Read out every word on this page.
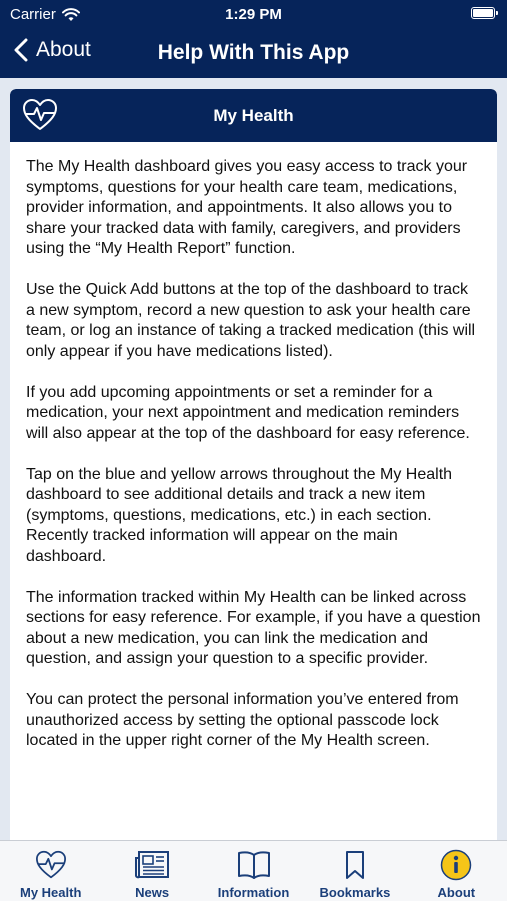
Carrier	1:29 PM
About	Help With This App
My Health

The My Health dashboard gives you easy access to track your symptoms, questions for your health care team, medications, provider information, and appointments. It also allows you to share your tracked data with family, caregivers, and providers using the “My Health Report” function.

Use the Quick Add buttons at the top of the dashboard to track a new symptom, record a new question to ask your health care team, or log an instance of taking a tracked medication (this will only appear if you have medications listed).

If you add upcoming appointments or set a reminder for a medication, your next appointment and medication reminders will also appear at the top of the dashboard for easy reference.

Tap on the blue and yellow arrows throughout the My Health dashboard to see additional details and track a new item (symptoms, questions, medications, etc.) in each section. Recently tracked information will appear on the main dashboard.

The information tracked within My Health can be linked across sections for easy reference. For example, if you have a question about a new medication, you can link the medication and question, and assign your question to a specific provider.

You can protect the personal information you’ve entered from unauthorized access by setting the optional passcode lock located in the upper right corner of the My Health screen.

My Health	News	Information Bookmarks	About
